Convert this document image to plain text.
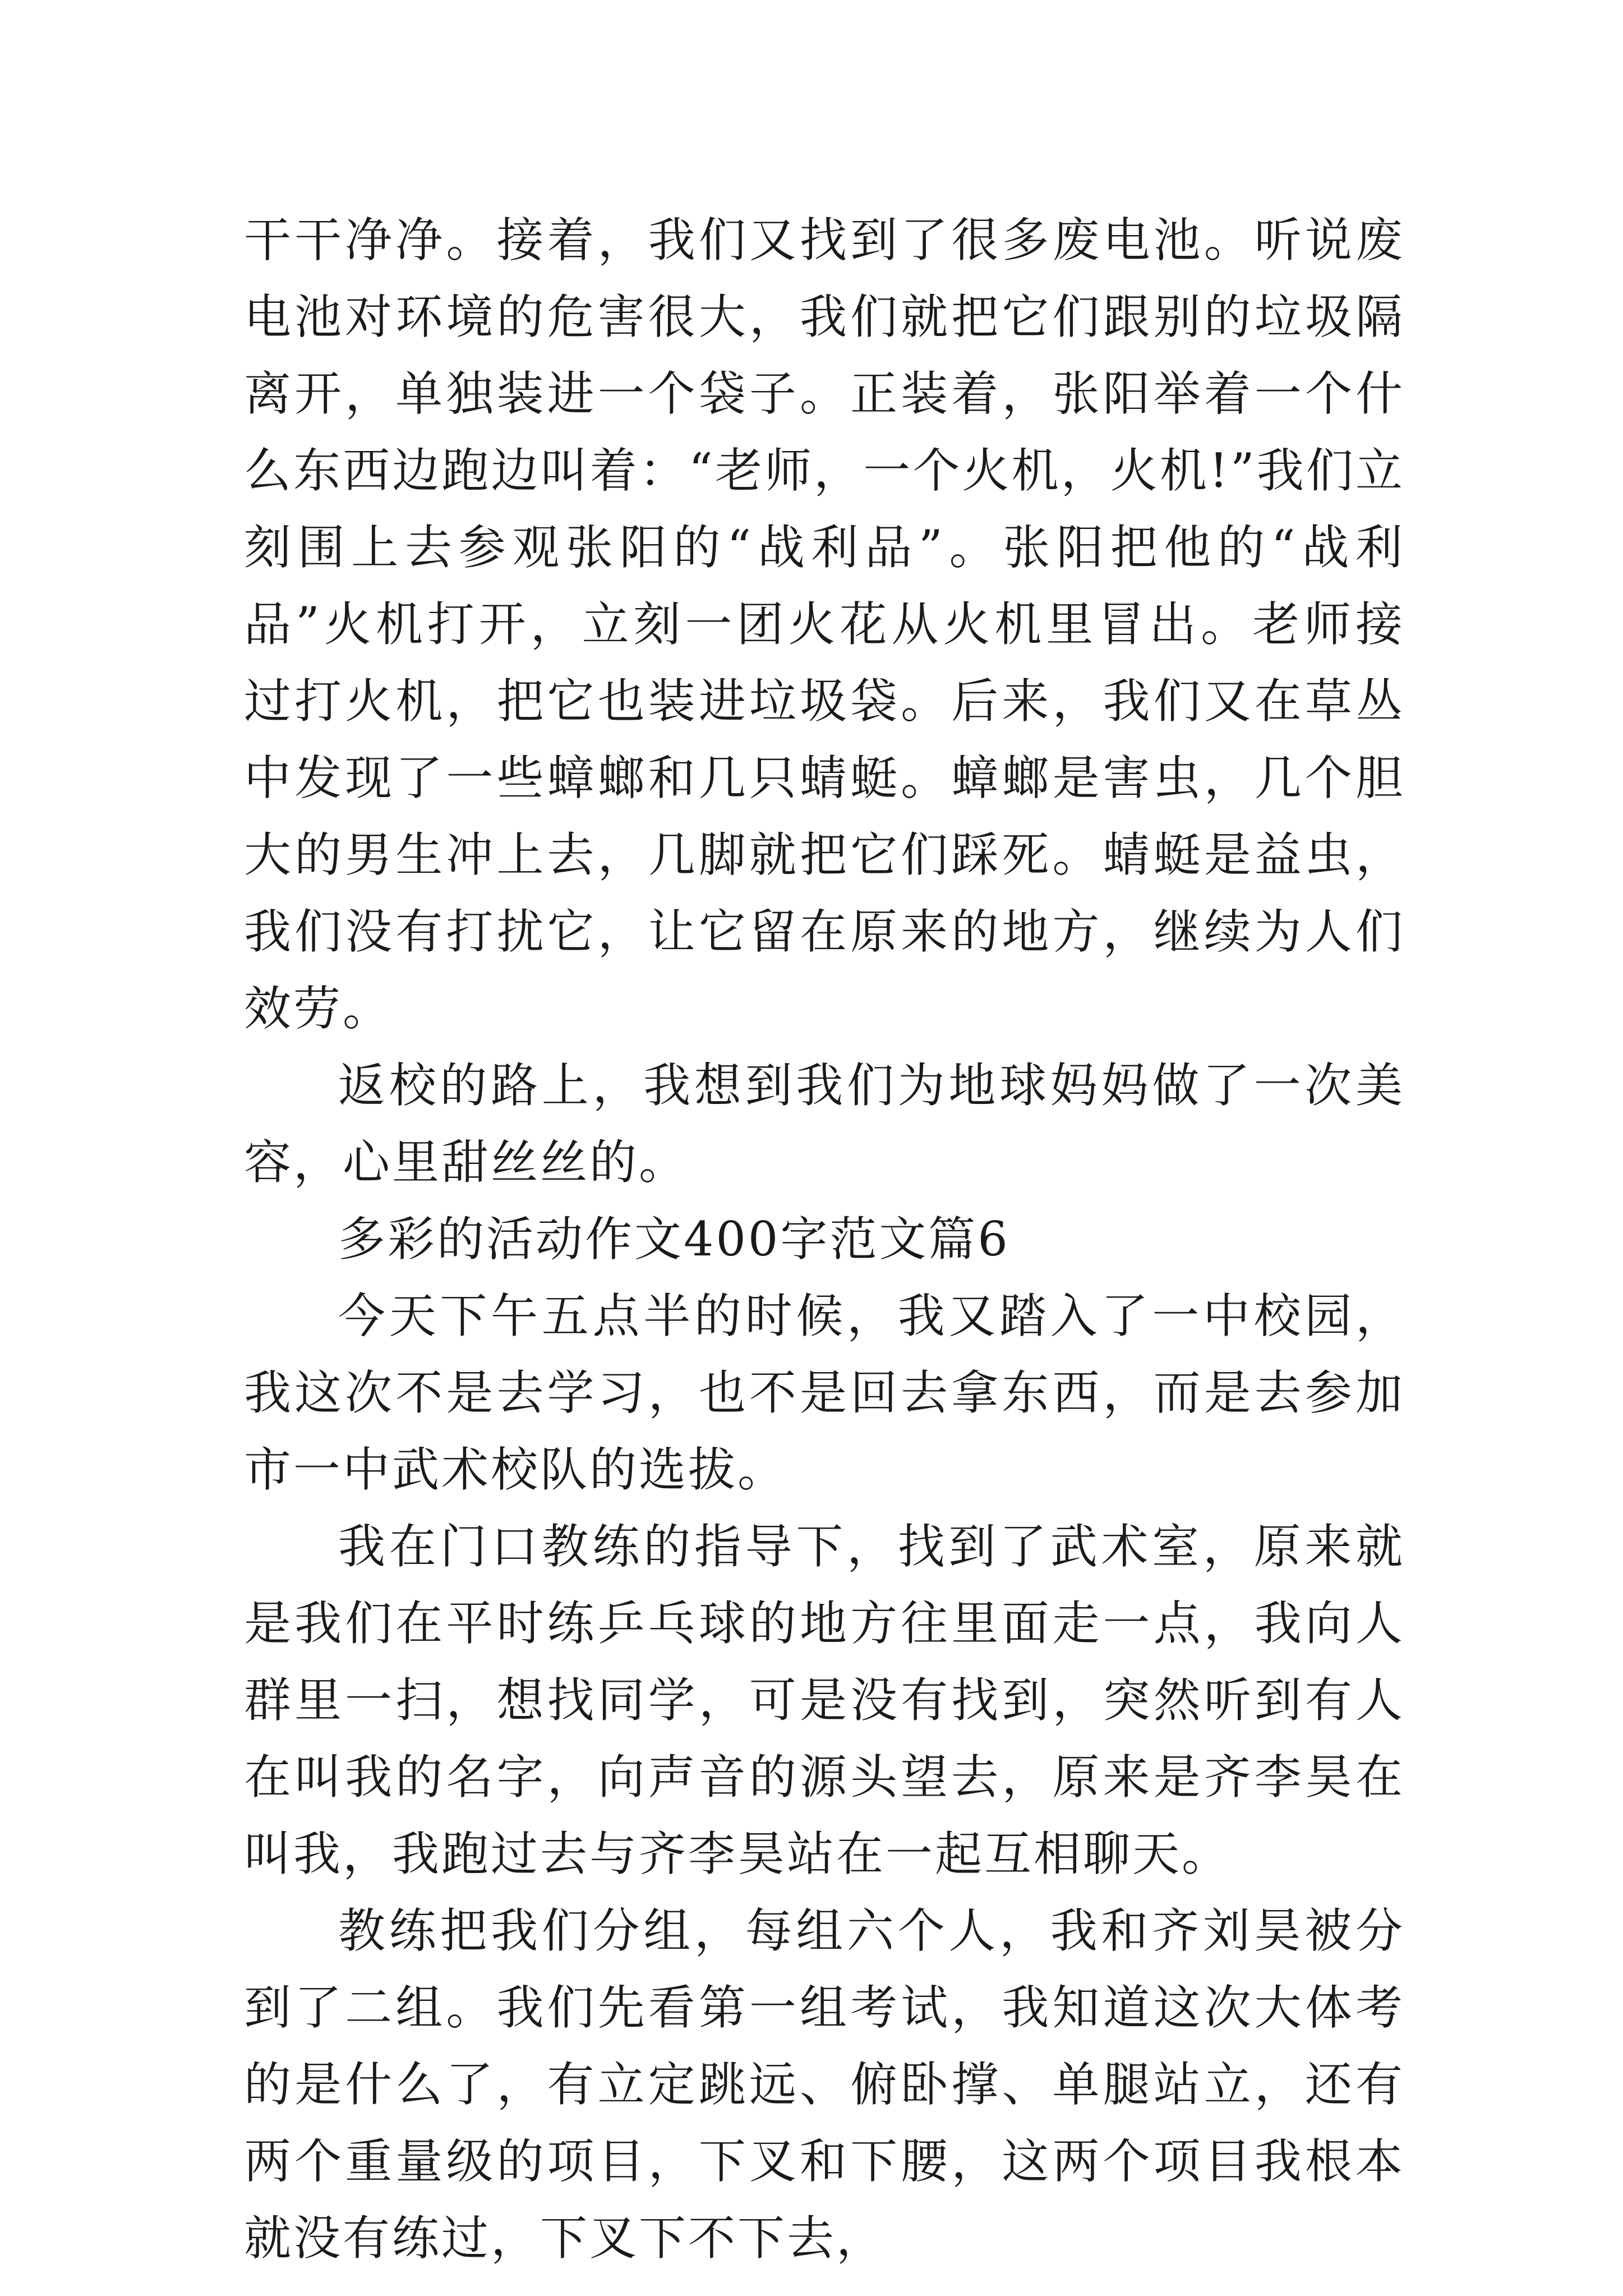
干干净净。接着，我们又找到了很多废电池。听说废电池对环境的危害很大，我们就把它们跟别的垃圾隔离开，单独装进一个袋子。正装着，张阳举着一个什么东西边跑边叫着：“老师，一个火机，火机!”我们立刻围上去参观张阳的“战利品”。张阳把他的“战利品”火机打开，立刻一团火花从火机里冒出。老师接过打火机，把它也装进垃圾袋。后来，我们又在草丛中发现了一些蟑螂和几只蜻蜓。蟑螂是害虫，几个胆大的男生冲上去，几脚就把它们踩死。蜻蜓是益虫，我们没有打扰它，让它留在原来的地方，继续为人们效劳。

返校的路上，我想到我们为地球妈妈做了一次美容，心里甜丝丝的。

多彩的活动作文400字范文篇6

今天下午五点半的时候，我又踏入了一中校园，我这次不是去学习，也不是回去拿东西，而是去参加市一中武术校队的选拔。

我在门口教练的指导下，找到了武术室，原来就是我们在平时练乒乓球的地方往里面走一点，我向人群里一扫，想找同学，可是没有找到，突然听到有人在叫我的名字，向声音的源头望去，原来是齐李昊在叫我，我跑过去与齐李昊站在一起互相聊天。

教练把我们分组，每组六个人，我和齐刘昊被分到了二组。我们先看第一组考试，我知道这次大体考的是什么了，有立定跳远、俯卧撑、单腿站立，还有两个重量级的项目，下叉和下腰，这两个项目我根本就没有练过，下叉下不下去，
